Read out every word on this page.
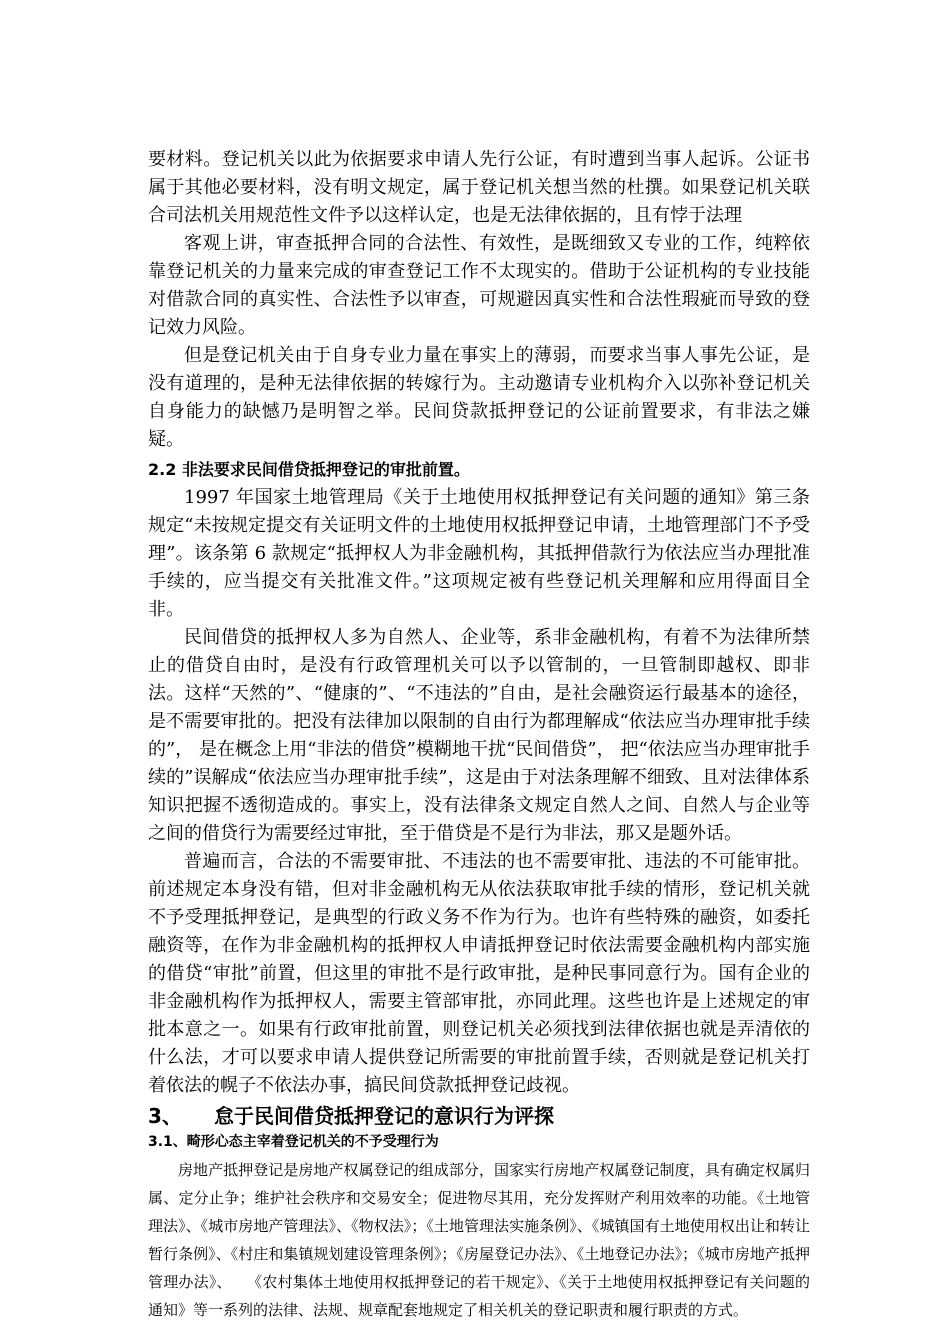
要材料。登记机关以此为依据要求申请人先行公证，有时遭到当事人起诉。公证书属于其他必要材料，没有明文规定，属于登记机关想当然的杜撰。如果登记机关联合司法机关用规范性文件予以这样认定，也是无法律依据的，且有悖于法理

客观上讲，审查抵押合同的合法性、有效性，是既细致又专业的工作，纯粹依靠登记机关的力量来完成的审查登记工作不太现实的。借助于公证机构的专业技能对借款合同的真实性、合法性予以审查，可规避因真实性和合法性瑕疵而导致的登记效力风险。

但是登记机关由于自身专业力量在事实上的薄弱，而要求当事人事先公证，是没有道理的，是种无法律依据的转嫁行为。主动邀请专业机构介入以弥补登记机关自身能力的缺憾乃是明智之举。民间贷款抵押登记的公证前置要求，有非法之嫌疑。

2.2 非法要求民间借贷抵押登记的审批前置。

1997 年国家土地管理局《关于土地使用权抵押登记有关问题的通知》第三条规定“未按规定提交有关证明文件的土地使用权抵押登记申请，土地管理部门不予受理”。该条第 6 款规定“抵押权人为非金融机构，其抵押借款行为依法应当办理批准手续的，应当提交有关批准文件。”这项规定被有些登记机关理解和应用得面目全非。

民间借贷的抵押权人多为自然人、企业等，系非金融机构，有着不为法律所禁止的借贷自由时，是没有行政管理机关可以予以管制的，一旦管制即越权、即非法。这样“天然的”、“健康的”、“不违法的”自由，是社会融资运行最基本的途径，是不需要审批的。把没有法律加以限制的自由行为都理解成“依法应当办理审批手续的”， 是在概念上用“非法的借贷”模糊地干扰“民间借贷”， 把“依法应当办理审批手续的”误解成“依法应当办理审批手续”，这是由于对法条理解不细致、且对法律体系知识把握不透彻造成的。事实上，没有法律条文规定自然人之间、自然人与企业等之间的借贷行为需要经过审批，至于借贷是不是行为非法，那又是题外话。

普遍而言，合法的不需要审批、不违法的也不需要审批、违法的不可能审批。前述规定本身没有错，但对非金融机构无从依法获取审批手续的情形，登记机关就不予受理抵押登记，是典型的行政义务不作为行为。也许有些特殊的融资，如委托融资等，在作为非金融机构的抵押权人申请抵押登记时依法需要金融机构内部实施的借贷“审批”前置，但这里的审批不是行政审批，是种民事同意行为。国有企业的非金融机构作为抵押权人，需要主管部审批，亦同此理。这些也许是上述规定的审批本意之一。如果有行政审批前置，则登记机关必须找到法律依据也就是弄清依的什么法，才可以要求申请人提供登记所需要的审批前置手续，否则就是登记机关打着依法的幌子不依法办事，搞民间贷款抵押登记歧视。

3、 怠于民间借贷抵押登记的意识行为评探

3.1、畸形心态主宰着登记机关的不予受理行为

房地产抵押登记是房地产权属登记的组成部分，国家实行房地产权属登记制度，具有确定权属归属、定分止争；维护社会秩序和交易安全；促进物尽其用，充分发挥财产利用效率的功能。《土地管理法》、《城市房地产管理法》、《物权法》；《土地管理法实施条例》、《城镇国有土地使用权出让和转让暂行条例》、《村庄和集镇规划建设管理条例》；《房屋登记办法》、《土地登记办法》；《城市房地产抵押管理办法》、　　《农村集体土地使用权抵押登记的若干规定》、《关于土地使用权抵押登记有关问题的通知》等一系列的法律、法规、规章配套地规定了相关机关的登记职责和履行职责的方式。
